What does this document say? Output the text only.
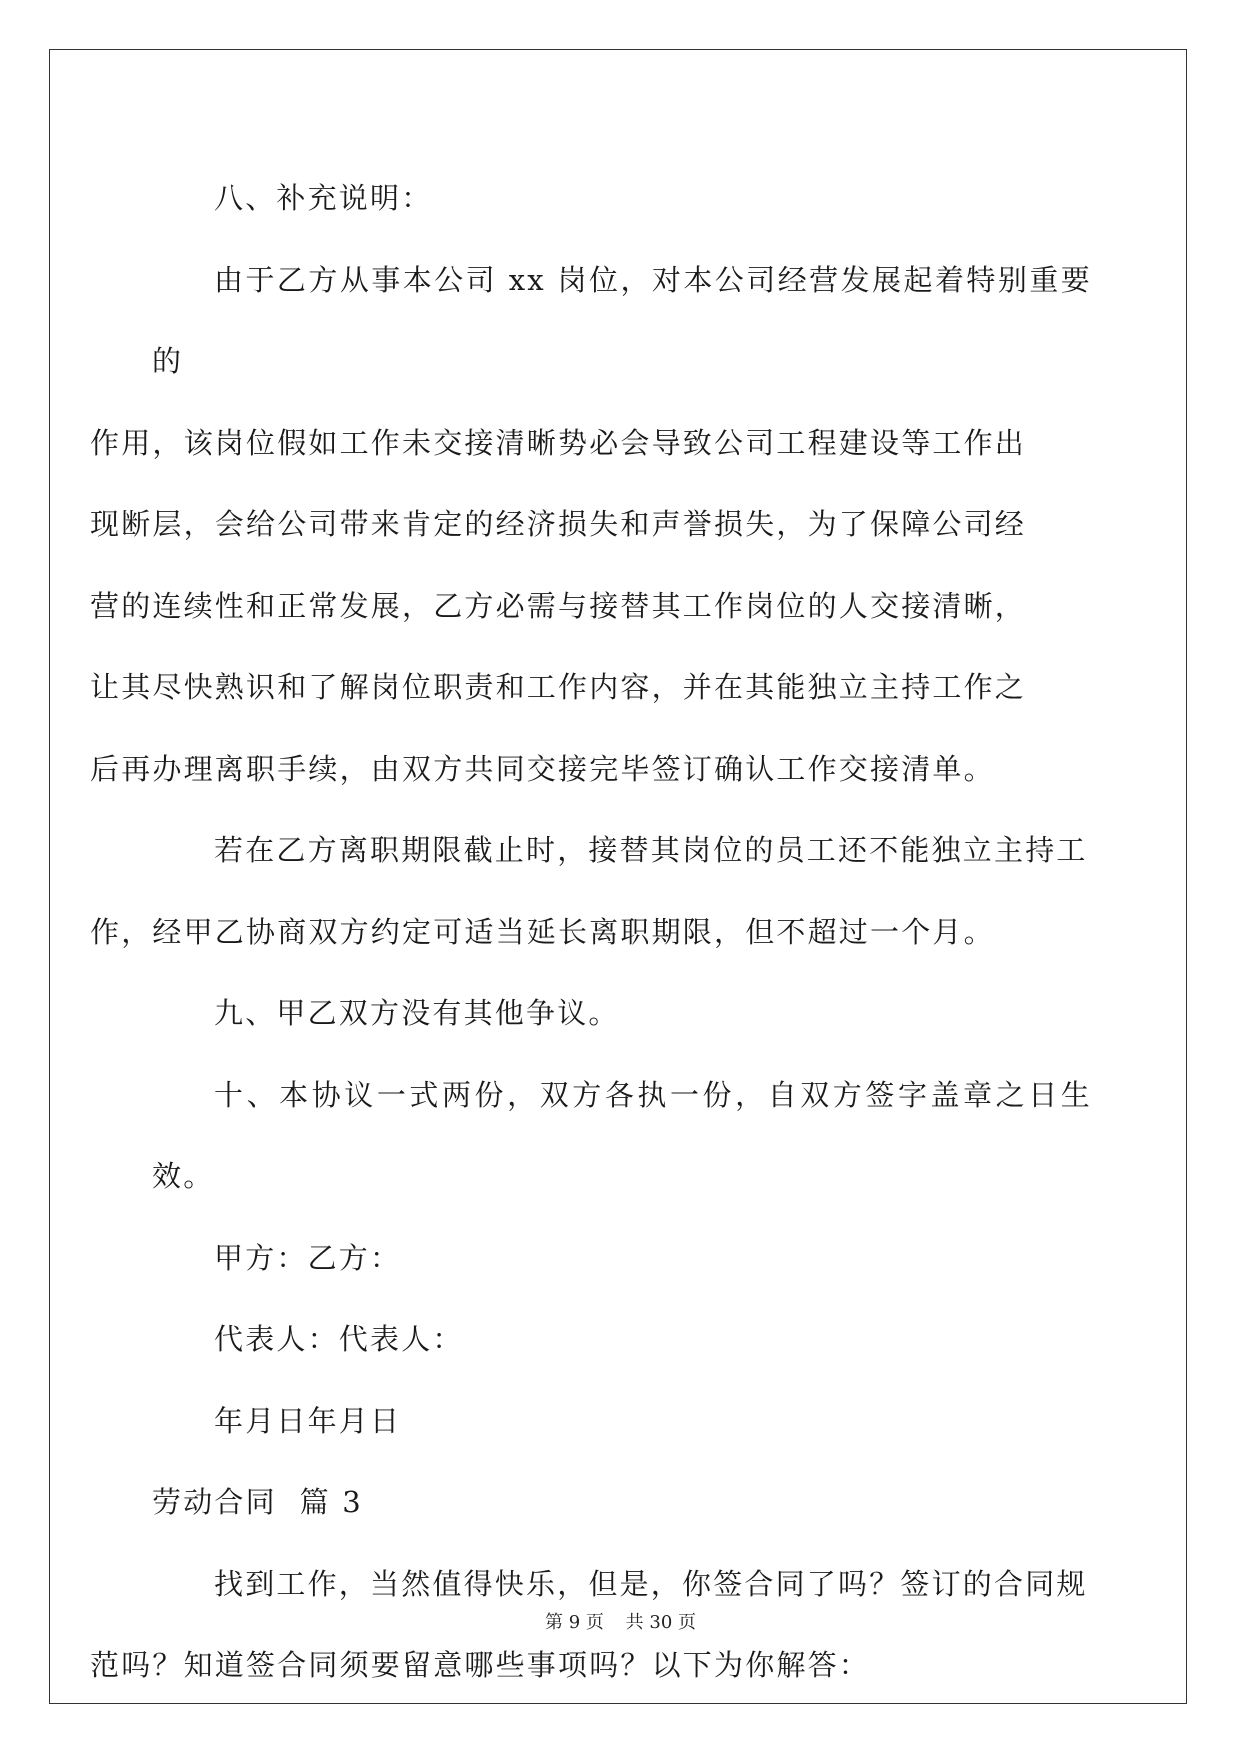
八、补充说明：

由于乙方从事本公司 xx 岗位，对本公司经营发展起着特别重要的
作用，该岗位假如工作未交接清晰势必会导致公司工程建设等工作出
现断层，会给公司带来肯定的经济损失和声誉损失，为了保障公司经
营的连续性和正常发展，乙方必需与接替其工作岗位的人交接清晰，
让其尽快熟识和了解岗位职责和工作内容，并在其能独立主持工作之
后再办理离职手续，由双方共同交接完毕签订确认工作交接清单。

若在乙方离职期限截止时，接替其岗位的员工还不能独立主持工
作，经甲乙协商双方约定可适当延长离职期限，但不超过一个月。

九、甲乙双方没有其他争议。

十、本协议一式两份，双方各执一份，自双方签字盖章之日生效。

甲方：乙方：

代表人：代表人：

年月日年月日

劳动合同  篇 3

找到工作，当然值得快乐，但是，你签合同了吗？签订的合同规
范吗？知道签合同须要留意哪些事项吗？以下为你解答：

第 9 页 共 30 页
